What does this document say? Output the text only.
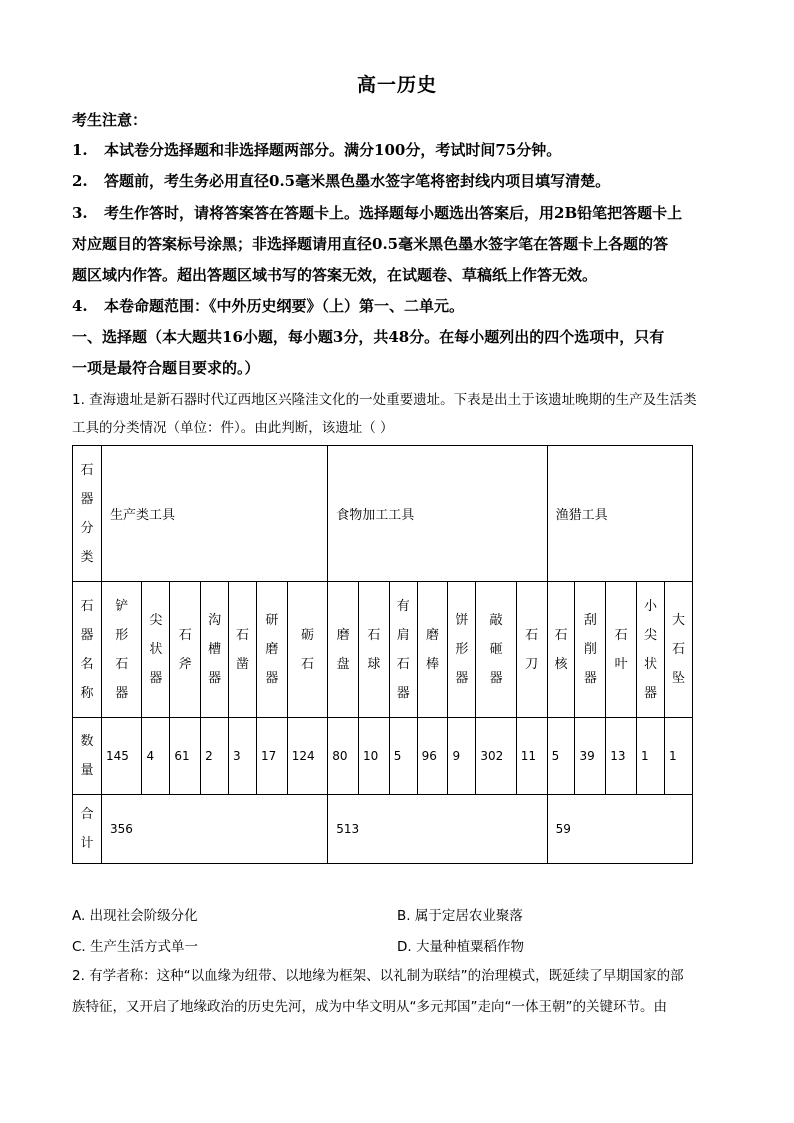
高一历史
考生注意：
1. 本试卷分选择题和非选择题两部分。满分100分，考试时间75分钟。
2. 答题前，考生务必用直径0.5毫米黑色墨水签字笔将密封线内项目填写清楚。
3. 考生作答时，请将答案答在答题卡上。选择题每小题选出答案后，用2B铅笔把答题卡上
对应题目的答案标号涂黑；非选择题请用直径0.5毫米黑色墨水签字笔在答题卡上各题的答
题区域内作答。超出答题区域书写的答案无效，在试题卷、草稿纸上作答无效。
4. 本卷命题范围：《中外历史纲要》（上）第一、二单元。
一、选择题（本大题共16小题，每小题3分，共48分。在每小题列出的四个选项中，只有
一项是最符合题目要求的。）
1. 查海遗址是新石器时代辽西地区兴隆洼文化的一处重要遗址。下表是出土于该遗址晚期的生产及生活类
工具的分类情况（单位：件）。由此判断，该遗址（ ）
石
器
分
类	生产类工具							食物加工工具							渔猎工具				

石
器
名
称	铲
形
石
器	尖
状
器	石
斧	沟
槽
器	石
凿	研
磨
器	砺
石	磨
盘	石
球	有
肩
石
器	磨
棒	饼
形
器	敲
砸
器	石
刀	石
核	刮
削
器	石
叶	小
尖
状
器	大
石
坠

数
量	145	4	61	2	3	17	124	80	10	5	96	9	302	11	5	39	13	1	1

合
计	356							513							59				
A. 出现社会阶级分化	B. 属于定居农业聚落
C. 生产生活方式单一	D. 大量种植粟稻作物
2. 有学者称：这种“以血缘为纽带、以地缘为框架、以礼制为联结”的治理模式，既延续了早期国家的部
族特征，又开启了地缘政治的历史先河，成为中华文明从“多元邦国”走向“一体王朝”的关键环节。由
